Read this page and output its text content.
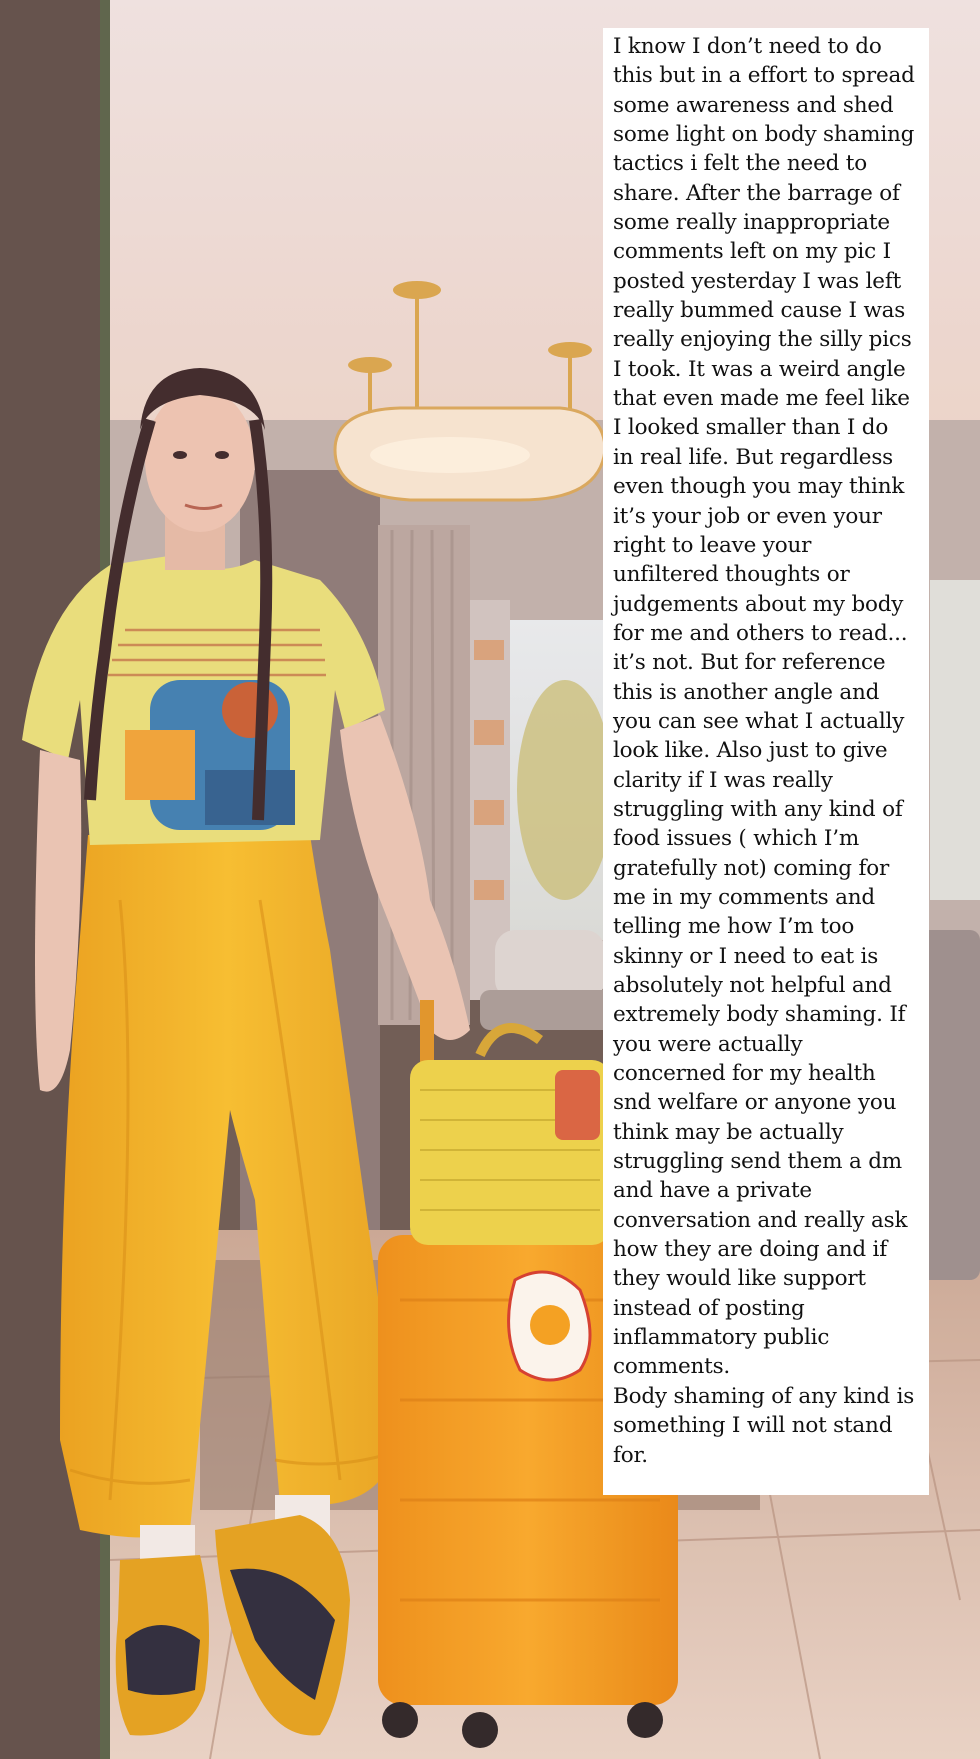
I know I don’t need to do
this but in a effort to spread
some awareness and shed
some light on body shaming
tactics i felt the need to
share. After the barrage of
some really inappropriate
comments left on my pic I
posted yesterday I was left
really bummed cause I was
really enjoying the silly pics
I took. It was a weird angle
that even made me feel like
I looked smaller than I do
in real life. But regardless
even though you may think
it’s your job or even your
right to leave your
unfiltered thoughts or
judgements about my body
for me and others to read...
it’s not. But for reference
this is another angle and
you can see what I actually
look like. Also just to give
clarity if I was really
struggling with any kind of
food issues ( which I’m
gratefully not) coming for
me in my comments and
telling me how I’m too
skinny or I need to eat is
absolutely not helpful and
extremely body shaming. If
you were actually
concerned for my health
snd welfare or anyone you
think may be actually
struggling send them a dm
and have a private
conversation and really ask
how they are doing and if
they would like support
instead of posting
inflammatory public
comments.
Body shaming of any kind is
something I will not stand
for.
